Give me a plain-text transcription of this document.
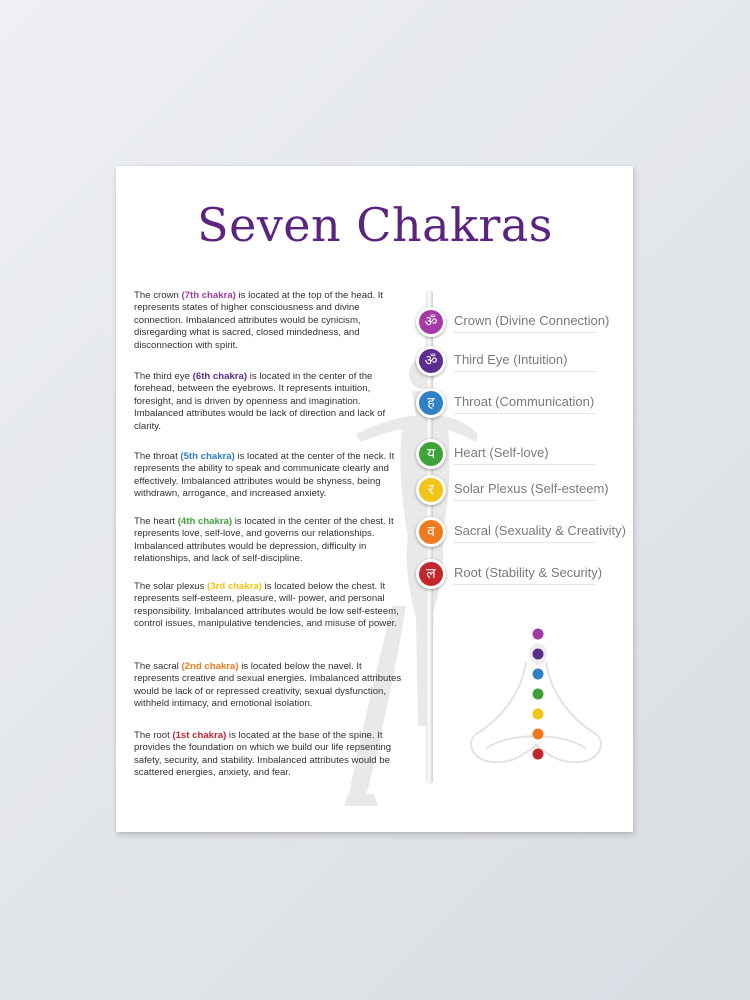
ॐ	Crown (Divine Connection)
ॐ	Third Eye (Intuition)
ह	Throat (Communication)
य	Heart (Self-love)
र	Solar Plexus (Self-esteem)
व	Sacral (Sexuality & Creativity)
ल	Root (Stability & Security)
Seven Chakras

The crown (7th chakra) is located at the top of the head. It represents states of higher consciousness and divine connection. Imbalanced attributes would be cynicism, disregarding what is sacred, closed mindedness, and disconnection with spirit.

The third eye (6th chakra) is located in the center of the forehead, between the eyebrows. It represents intuition, foresight, and is driven by openness and imagination. Imbalanced attributes would be lack of direction and lack of clarity.

The throat (5th chakra) is located at the center of the neck. It represents the ability to speak and communicate clearly and effectively. Imbalanced attributes would be shyness, being withdrawn, arrogance, and increased anxiety.

The heart (4th chakra) is located in the center of the chest. It represents love, self-love, and governs our relationships. Imbalanced attributes would be depression, difficulty in relationships, and lack of self-discipline.

The solar plexus (3rd chakra) is located below the chest. It represents self-esteem, pleasure, will- power, and personal responsibility. Imbalanced attributes would be low self-esteem, control issues, manipulative tendencies, and misuse of power.

The sacral (2nd chakra) is located below the navel. It represents creative and sexual energies. Imbalanced attributes would be lack of or repressed creativity, sexual dysfunction, withheld intimacy, and emotional isolation.

The root (1st chakra) is located at the base of the spine. It provides the foundation on which we build our life repsenting safety, security, and stability. Imbalanced attributes would be scattered energies, anxiety, and fear.
